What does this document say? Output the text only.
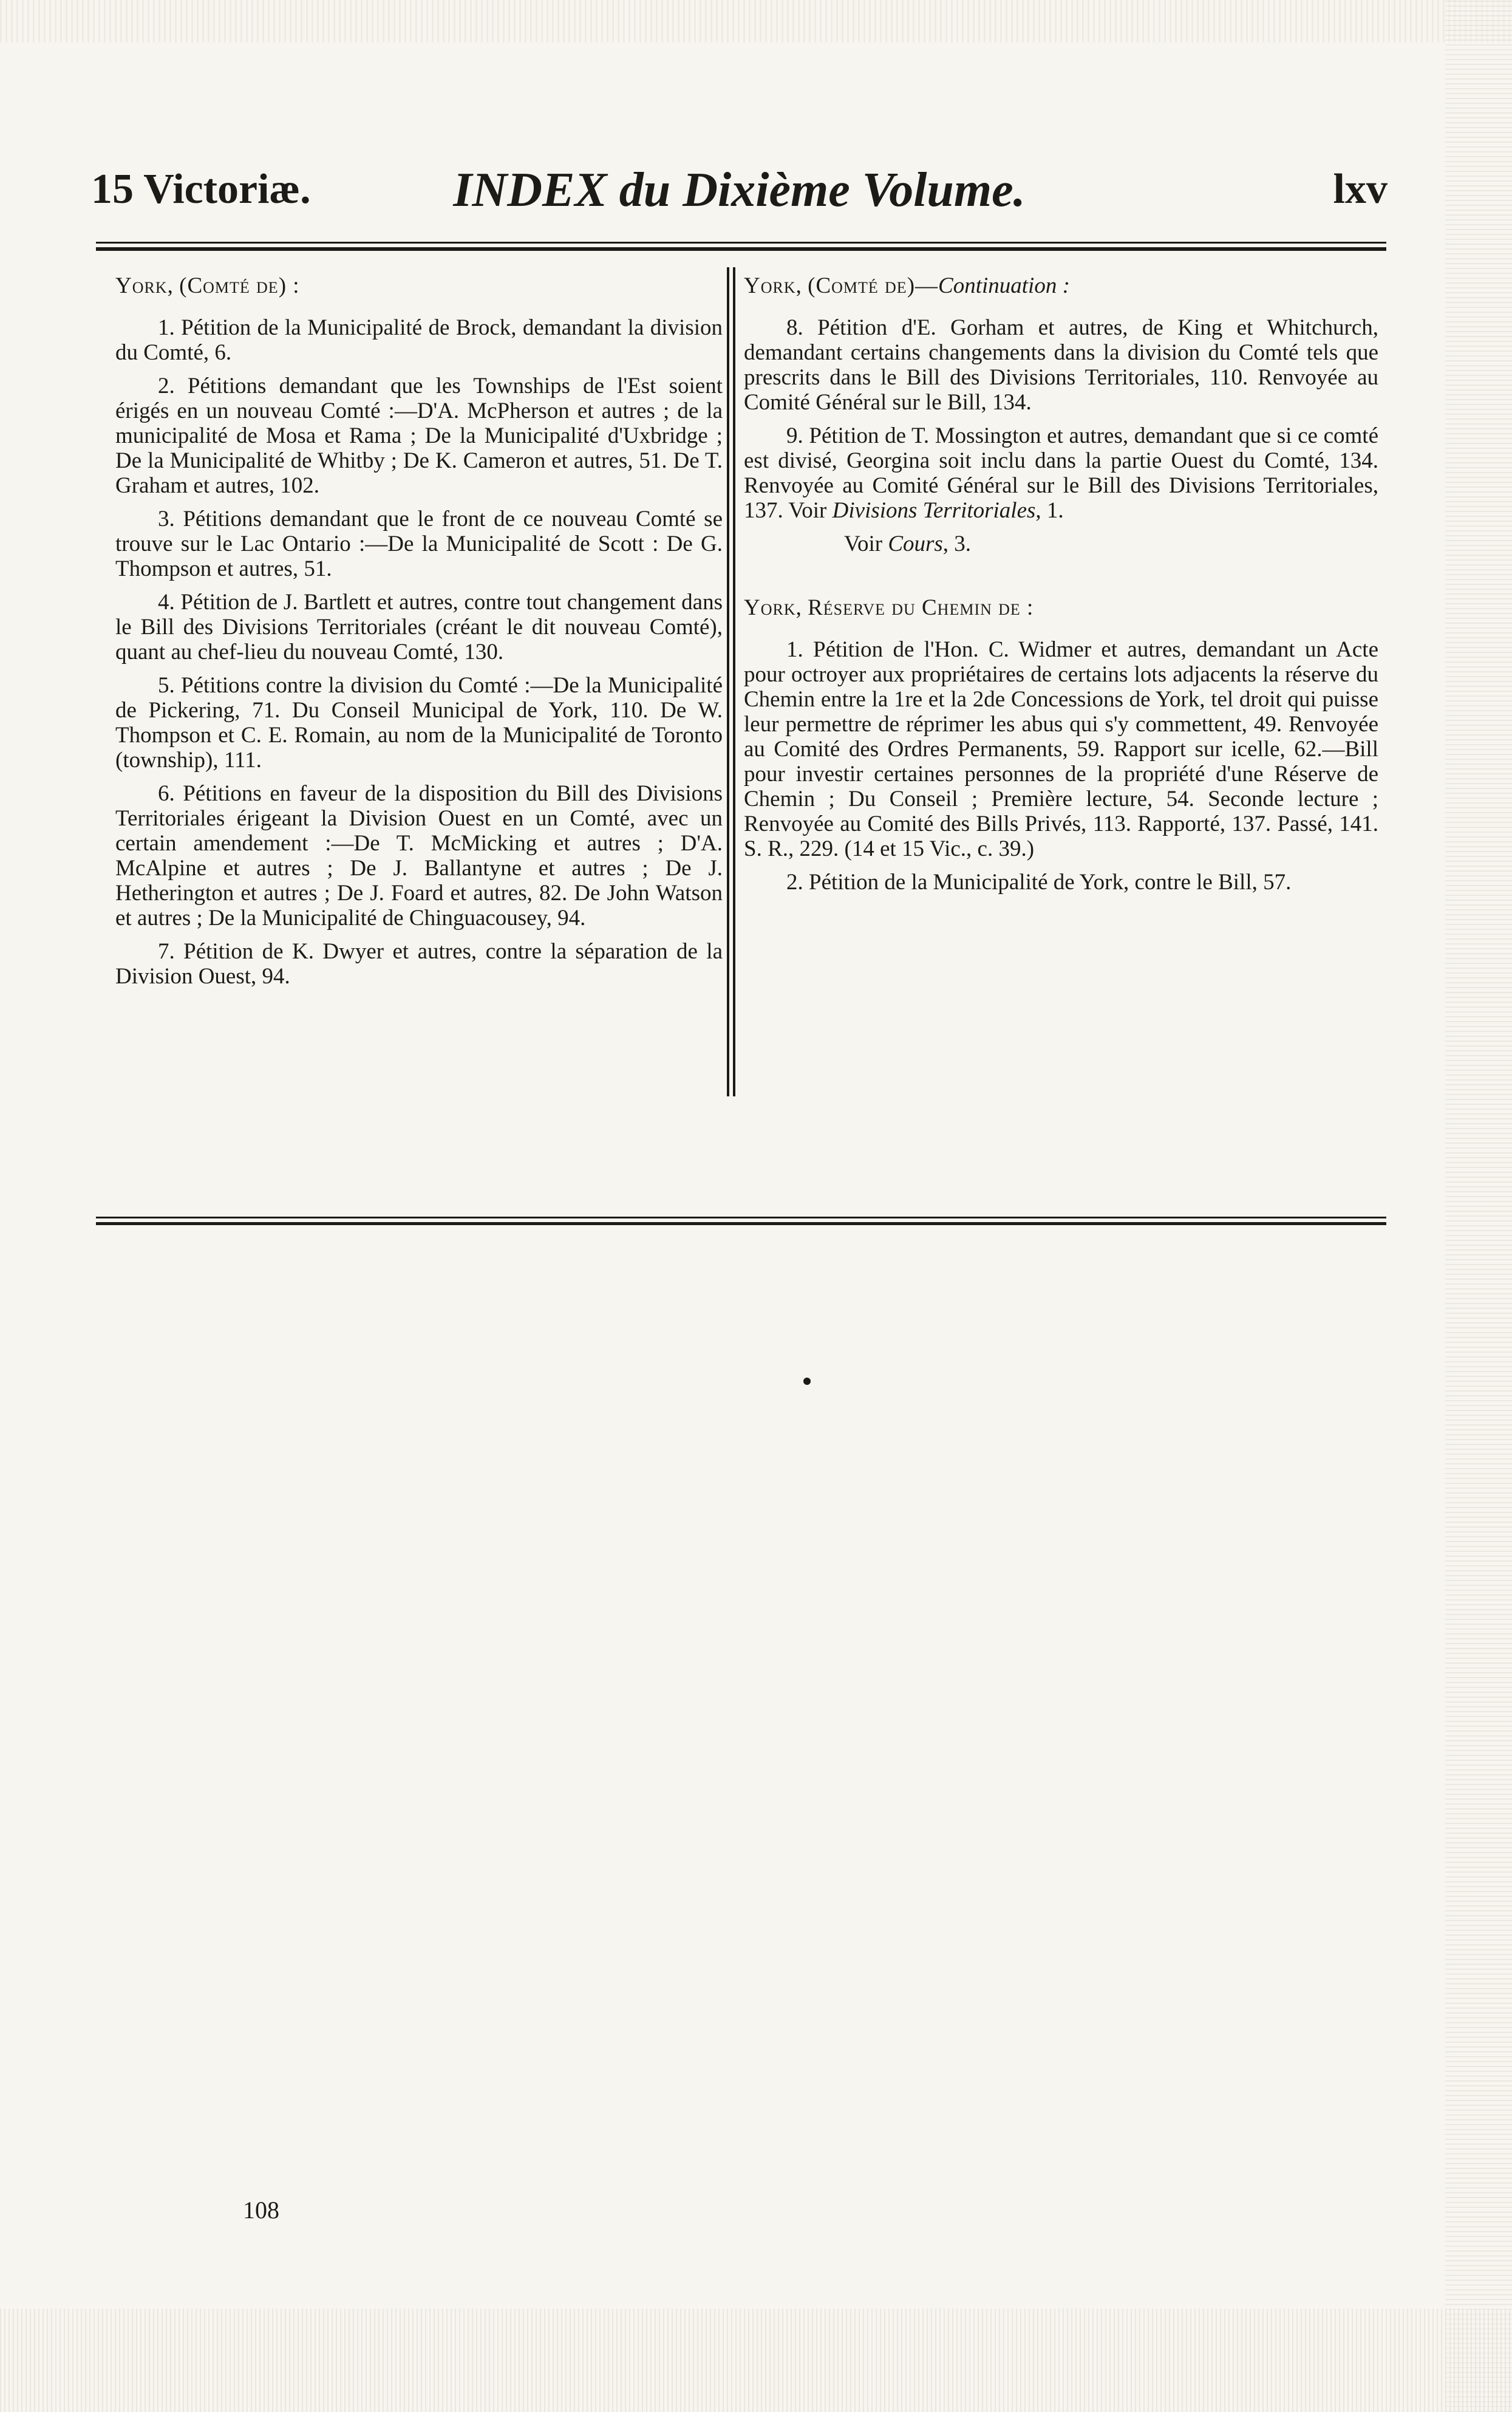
15 Victoriæ.	INDEX du Dixième Volume.	lxv

York, (Comté de) :

1. Pétition de la Municipalité de Brock, demandant la division du Comté, 6.

2. Pétitions demandant que les Townships de l'Est soient érigés en un nouveau Comté :—D'A. McPherson et autres ; de la municipalité de Mosa et Rama ; De la Municipalité d'Uxbridge ; De la Municipalité de Whitby ; De K. Cameron et autres, 51. De T. Graham et autres, 102.

3. Pétitions demandant que le front de ce nouveau Comté se trouve sur le Lac Ontario :—De la Municipalité de Scott : De G. Thompson et autres, 51.

4. Pétition de J. Bartlett et autres, contre tout changement dans le Bill des Divisions Territoriales (créant le dit nouveau Comté), quant au chef-lieu du nouveau Comté, 130.

5. Pétitions contre la division du Comté :—De la Municipalité de Pickering, 71. Du Conseil Municipal de York, 110. De W. Thompson et C. E. Romain, au nom de la Municipalité de Toronto (township), 111.

6. Pétitions en faveur de la disposition du Bill des Divisions Territoriales érigeant la Division Ouest en un Comté, avec un certain amendement :—De T. McMicking et autres ; D'A. McAlpine et autres ; De J. Ballantyne et autres ; De J. Hetherington et autres ; De J. Foard et autres, 82. De John Watson et autres ; De la Municipalité de Chinguacousey, 94.

7. Pétition de K. Dwyer et autres, contre la séparation de la Division Ouest, 94.

York, (Comté de)—Continuation :

8. Pétition d'E. Gorham et autres, de King et Whitchurch, demandant certains changements dans la division du Comté tels que prescrits dans le Bill des Divisions Territoriales, 110. Renvoyée au Comité Général sur le Bill, 134.

9. Pétition de T. Mossington et autres, demandant que si ce comté est divisé, Georgina soit inclu dans la partie Ouest du Comté, 134. Renvoyée au Comité Général sur le Bill des Divisions Territoriales, 137. Voir Divisions Territoriales, 1.

Voir Cours, 3.

York, Réserve du Chemin de :

1. Pétition de l'Hon. C. Widmer et autres, demandant un Acte pour octroyer aux propriétaires de certains lots adjacents la réserve du Chemin entre la 1re et la 2de Concessions de York, tel droit qui puisse leur permettre de réprimer les abus qui s'y commettent, 49. Renvoyée au Comité des Ordres Permanents, 59. Rapport sur icelle, 62.—Bill pour investir certaines personnes de la propriété d'une Réserve de Chemin ; Du Conseil ; Première lecture, 54. Seconde lecture ; Renvoyée au Comité des Bills Privés, 113. Rapporté, 137. Passé, 141. S. R., 229. (14 et 15 Vic., c. 39.)

2. Pétition de la Municipalité de York, contre le Bill, 57.

108
